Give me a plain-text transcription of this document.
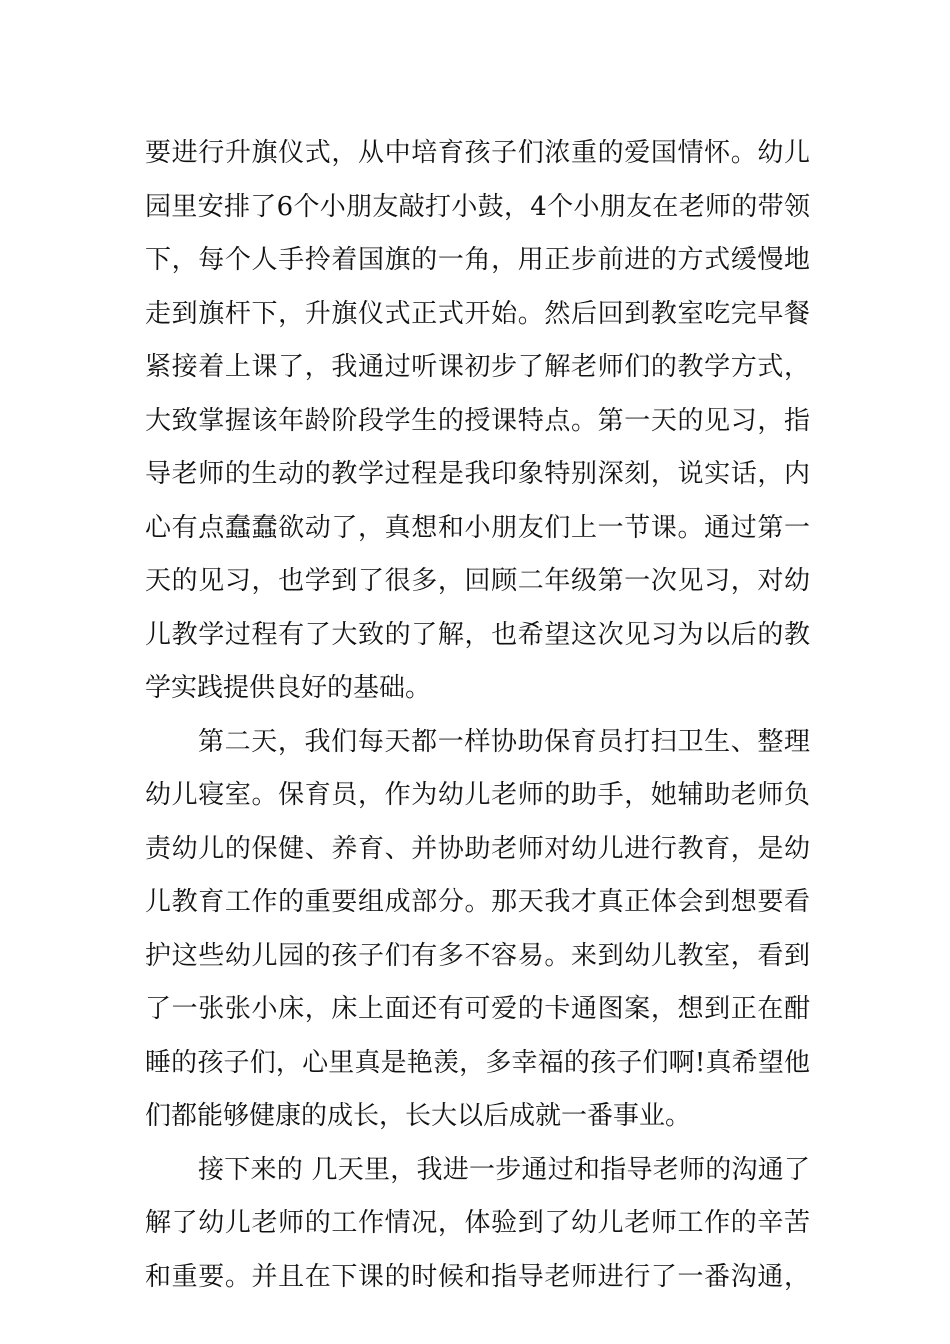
要进行升旗仪式，从中培育孩子们浓重的爱国情怀。幼儿
园里安排了6个小朋友敲打小鼓，4个小朋友在老师的带领
下，每个人手拎着国旗的一角，用正步前进的方式缓慢地
走到旗杆下，升旗仪式正式开始。然后回到教室吃完早餐
紧接着上课了，我通过听课初步了解老师们的教学方式，
大致掌握该年龄阶段学生的授课特点。第一天的见习，指
导老师的生动的教学过程是我印象特别深刻，说实话，内
心有点蠢蠢欲动了，真想和小朋友们上一节课。通过第一
天的见习，也学到了很多，回顾二年级第一次见习，对幼
儿教学过程有了大致的了解，也希望这次见习为以后的教
学实践提供良好的基础。
第二天，我们每天都一样协助保育员打扫卫生、整理
幼儿寝室。保育员，作为幼儿老师的助手，她辅助老师负
责幼儿的保健、养育、并协助老师对幼儿进行教育，是幼
儿教育工作的重要组成部分。那天我才真正体会到想要看
护这些幼儿园的孩子们有多不容易。来到幼儿教室，看到
了一张张小床，床上面还有可爱的卡通图案，想到正在酣
睡的孩子们，心里真是艳羡，多幸福的孩子们啊!真希望他
们都能够健康的成长，长大以后成就一番事业。
接下来的 几天里，我进一步通过和指导老师的沟通了
解了幼儿老师的工作情况，体验到了幼儿老师工作的辛苦
和重要。并且在下课的时候和指导老师进行了一番沟通，
